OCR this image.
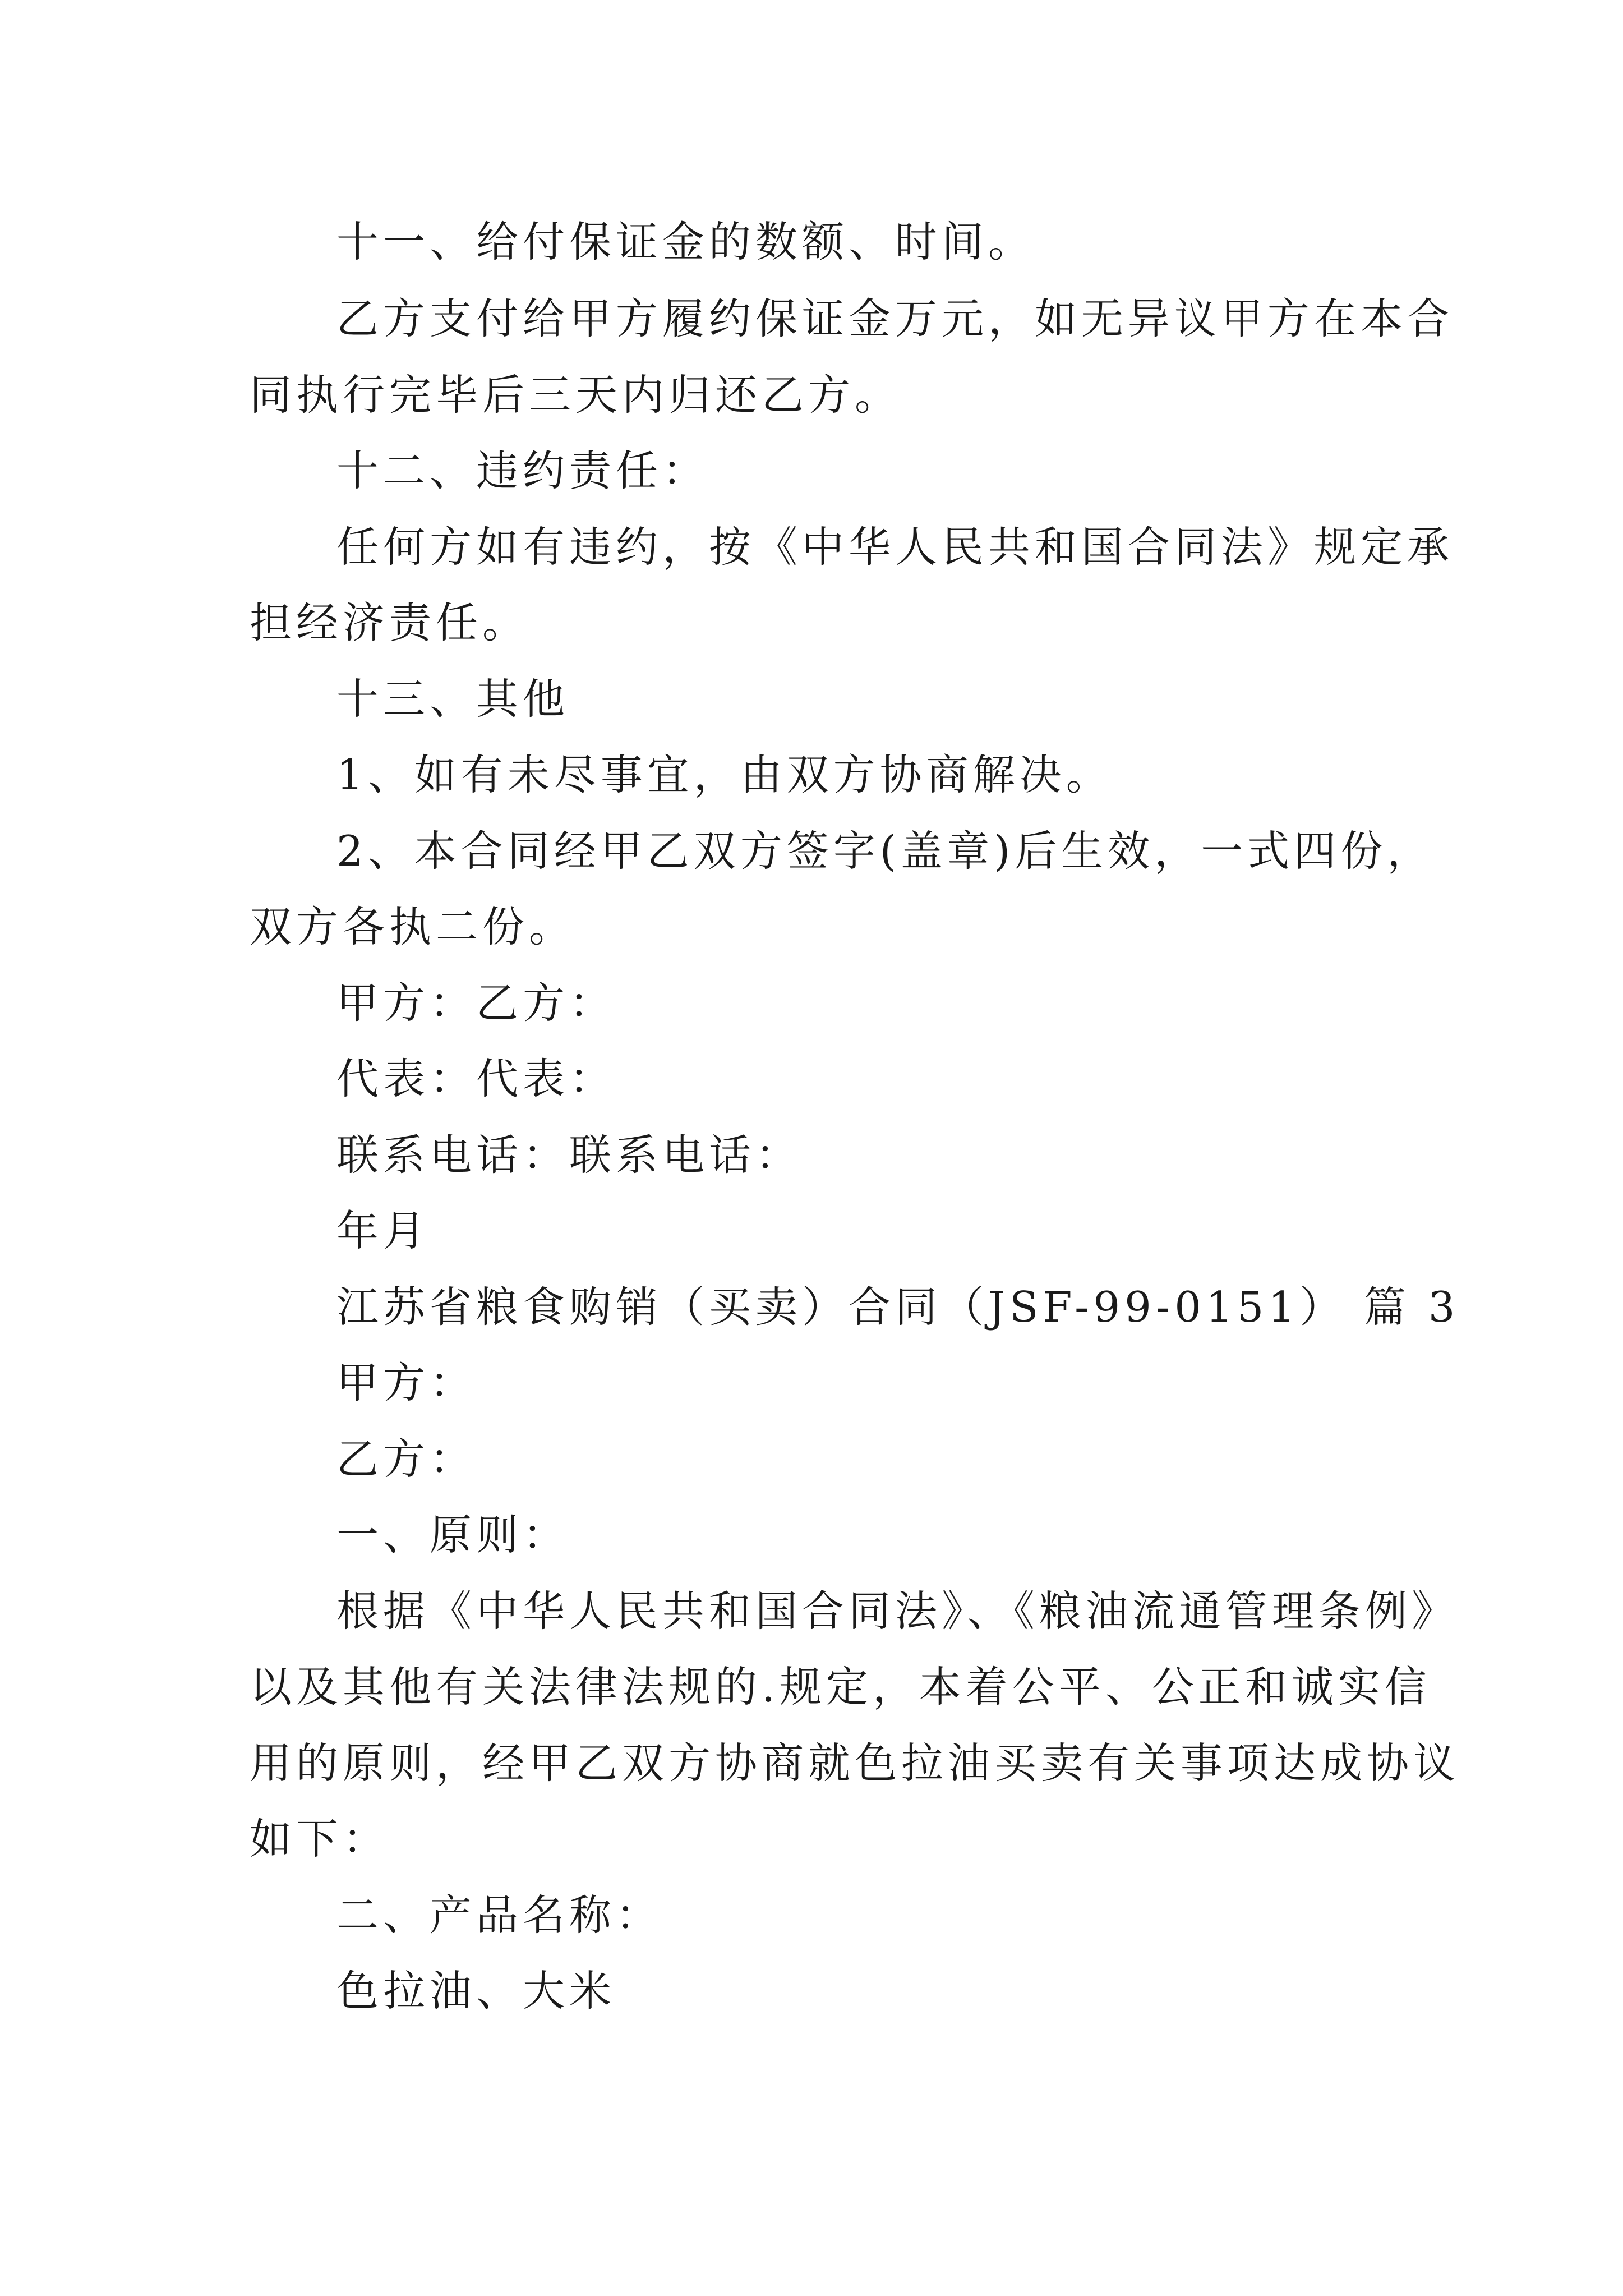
十一、给付保证金的数额、时间。
乙方支付给甲方履约保证金万元，如无异议甲方在本合
同执行完毕后三天内归还乙方。
十二、违约责任：
任何方如有违约，按《中华人民共和国合同法》规定承
担经济责任。
十三、其他
1、如有未尽事宜，由双方协商解决。
2、本合同经甲乙双方签字(盖章)后生效，一式四份，
双方各执二份。
甲方：乙方：
代表：代表：
联系电话：联系电话：
年月
江苏省粮食购销（买卖）合同（JSF-99-0151） 篇 3
甲方：
乙方：
一、原则：
根据《中华人民共和国合同法》、《粮油流通管理条例》
以及其他有关法律法规的.规定，本着公平、公正和诚实信
用的原则，经甲乙双方协商就色拉油买卖有关事项达成协议
如下：
二、产品名称：
色拉油、大米
